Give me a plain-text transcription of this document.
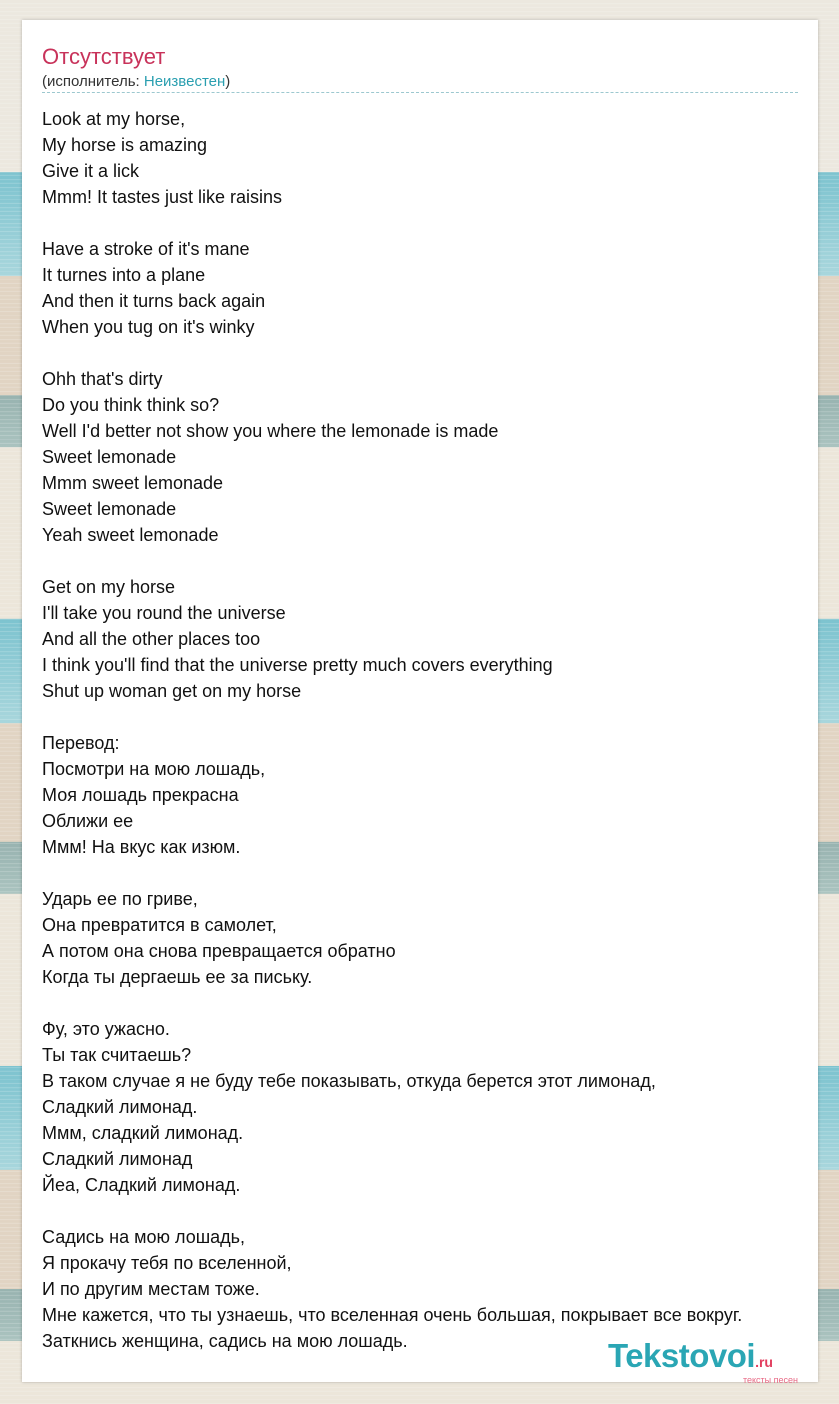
Отсутствует
(исполнитель: Неизвестен)
Look at my horse,
My horse is amazing
Give it a lick
Mmm! It tastes just like raisins
Have a stroke of it's mane
It turnes into a plane
And then it turns back again
When you tug on it's winky
Ohh that's dirty
Do you think think so?
Well I'd better not show you where the lemonade is made
Sweet lemonade
Mmm sweet lemonade
Sweet lemonade
Yeah sweet lemonade
Get on my horse
I'll take you round the universe
And all the other places too
I think you'll find that the universe pretty much covers everything
Shut up woman get on my horse
Перевод:
Посмотри на мою лошадь,
Моя лошадь прекрасна
Оближи ее
Ммм! На вкус как изюм.
Ударь ее по гриве,
Она превратится в самолет,
А потом она снова превращается обратно
Когда ты дергаешь ее за письку.
Фу, это ужасно.
Ты так считаешь?
В таком случае я не буду тебе показывать, откуда берется этот лимонад,
Сладкий лимонад.
Ммм, сладкий лимонад.
Сладкий лимонад
Йеа, Сладкий лимонад.
Садись на мою лошадь,
Я прокачу тебя по вселенной,
И по другим местам тоже.
Мне кажется, что ты узнаешь, что вселенная очень большая, покрывает все вокруг.
Заткнись женщина, садись на мою лошадь.	Tekstovoi.ru
тексты песен
